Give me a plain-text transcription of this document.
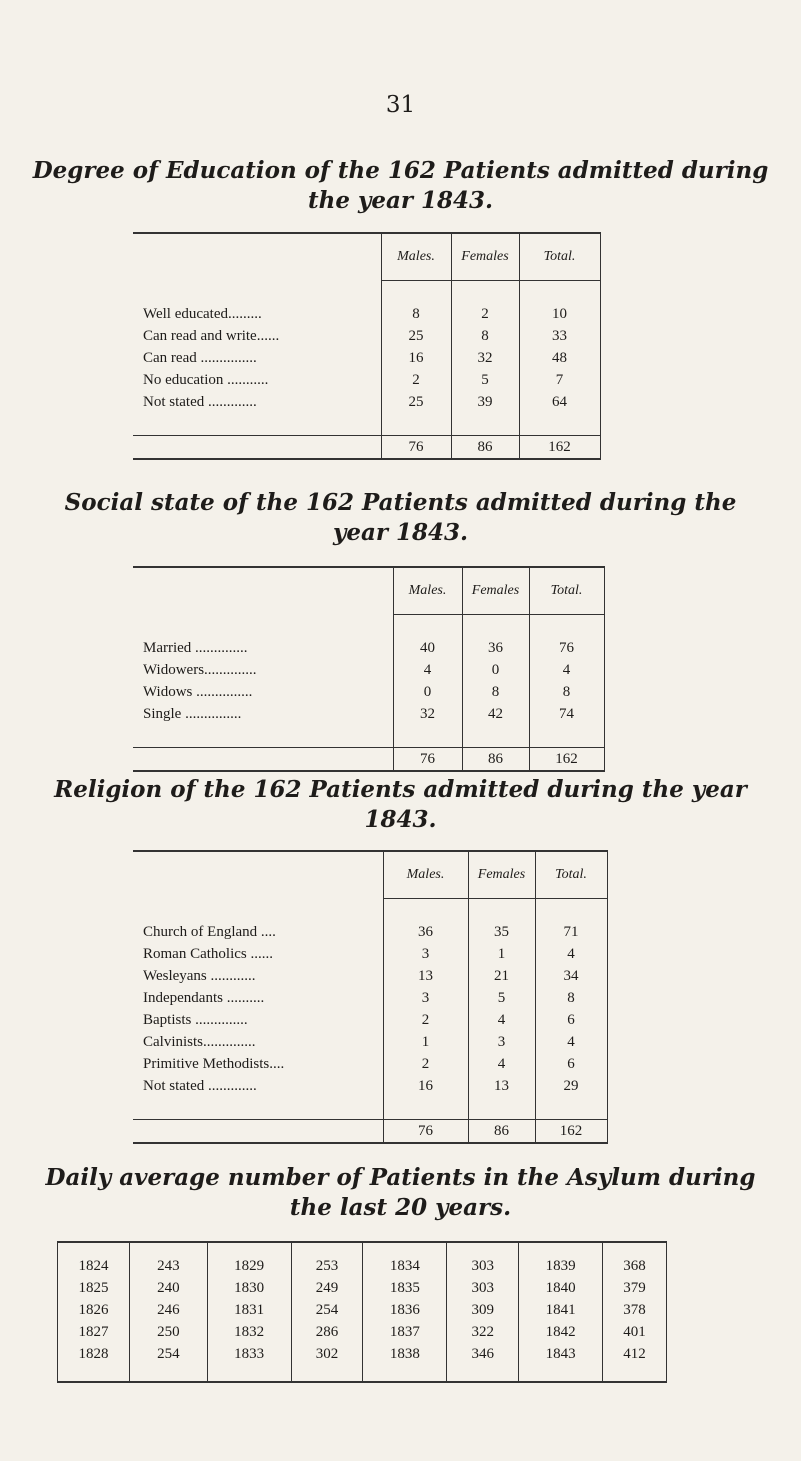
31
Degree of Education of the 162 Patients admitted during
the year 1843.
	Males.	Females	Total.

Well educated.........	8	2	10
Can read and write......	25	8	33
Can read ...............	16	32	48
No education ...........	2	5	7
Not stated .............	25	39	64

	76	86	162
Social state of the 162 Patients admitted during the
year 1843.
	Males.	Females	Total.

Married ..............	40	36	76
Widowers..............	4	0	4
Widows ...............	0	8	8
Single ...............	32	42	74

	76	86	162
Religion of the 162 Patients admitted during the year
1843.
	Males.	Females	Total.

Church of England ....	36	35	71
Roman Catholics ......	3	1	4
Wesleyans ............	13	21	34
Independants ..........	3	5	8
Baptists ..............	2	4	6
Calvinists..............	1	3	4
Primitive Methodists....	2	4	6
Not stated .............	16	13	29

	76	86	162
Daily average number of Patients in the Asylum during
the last 20 years.
1824	243	1829	253	1834	303	1839	368
1825	240	1830	249	1835	303	1840	379
1826	246	1831	254	1836	309	1841	378
1827	250	1832	286	1837	322	1842	401
1828	254	1833	302	1838	346	1843	412
